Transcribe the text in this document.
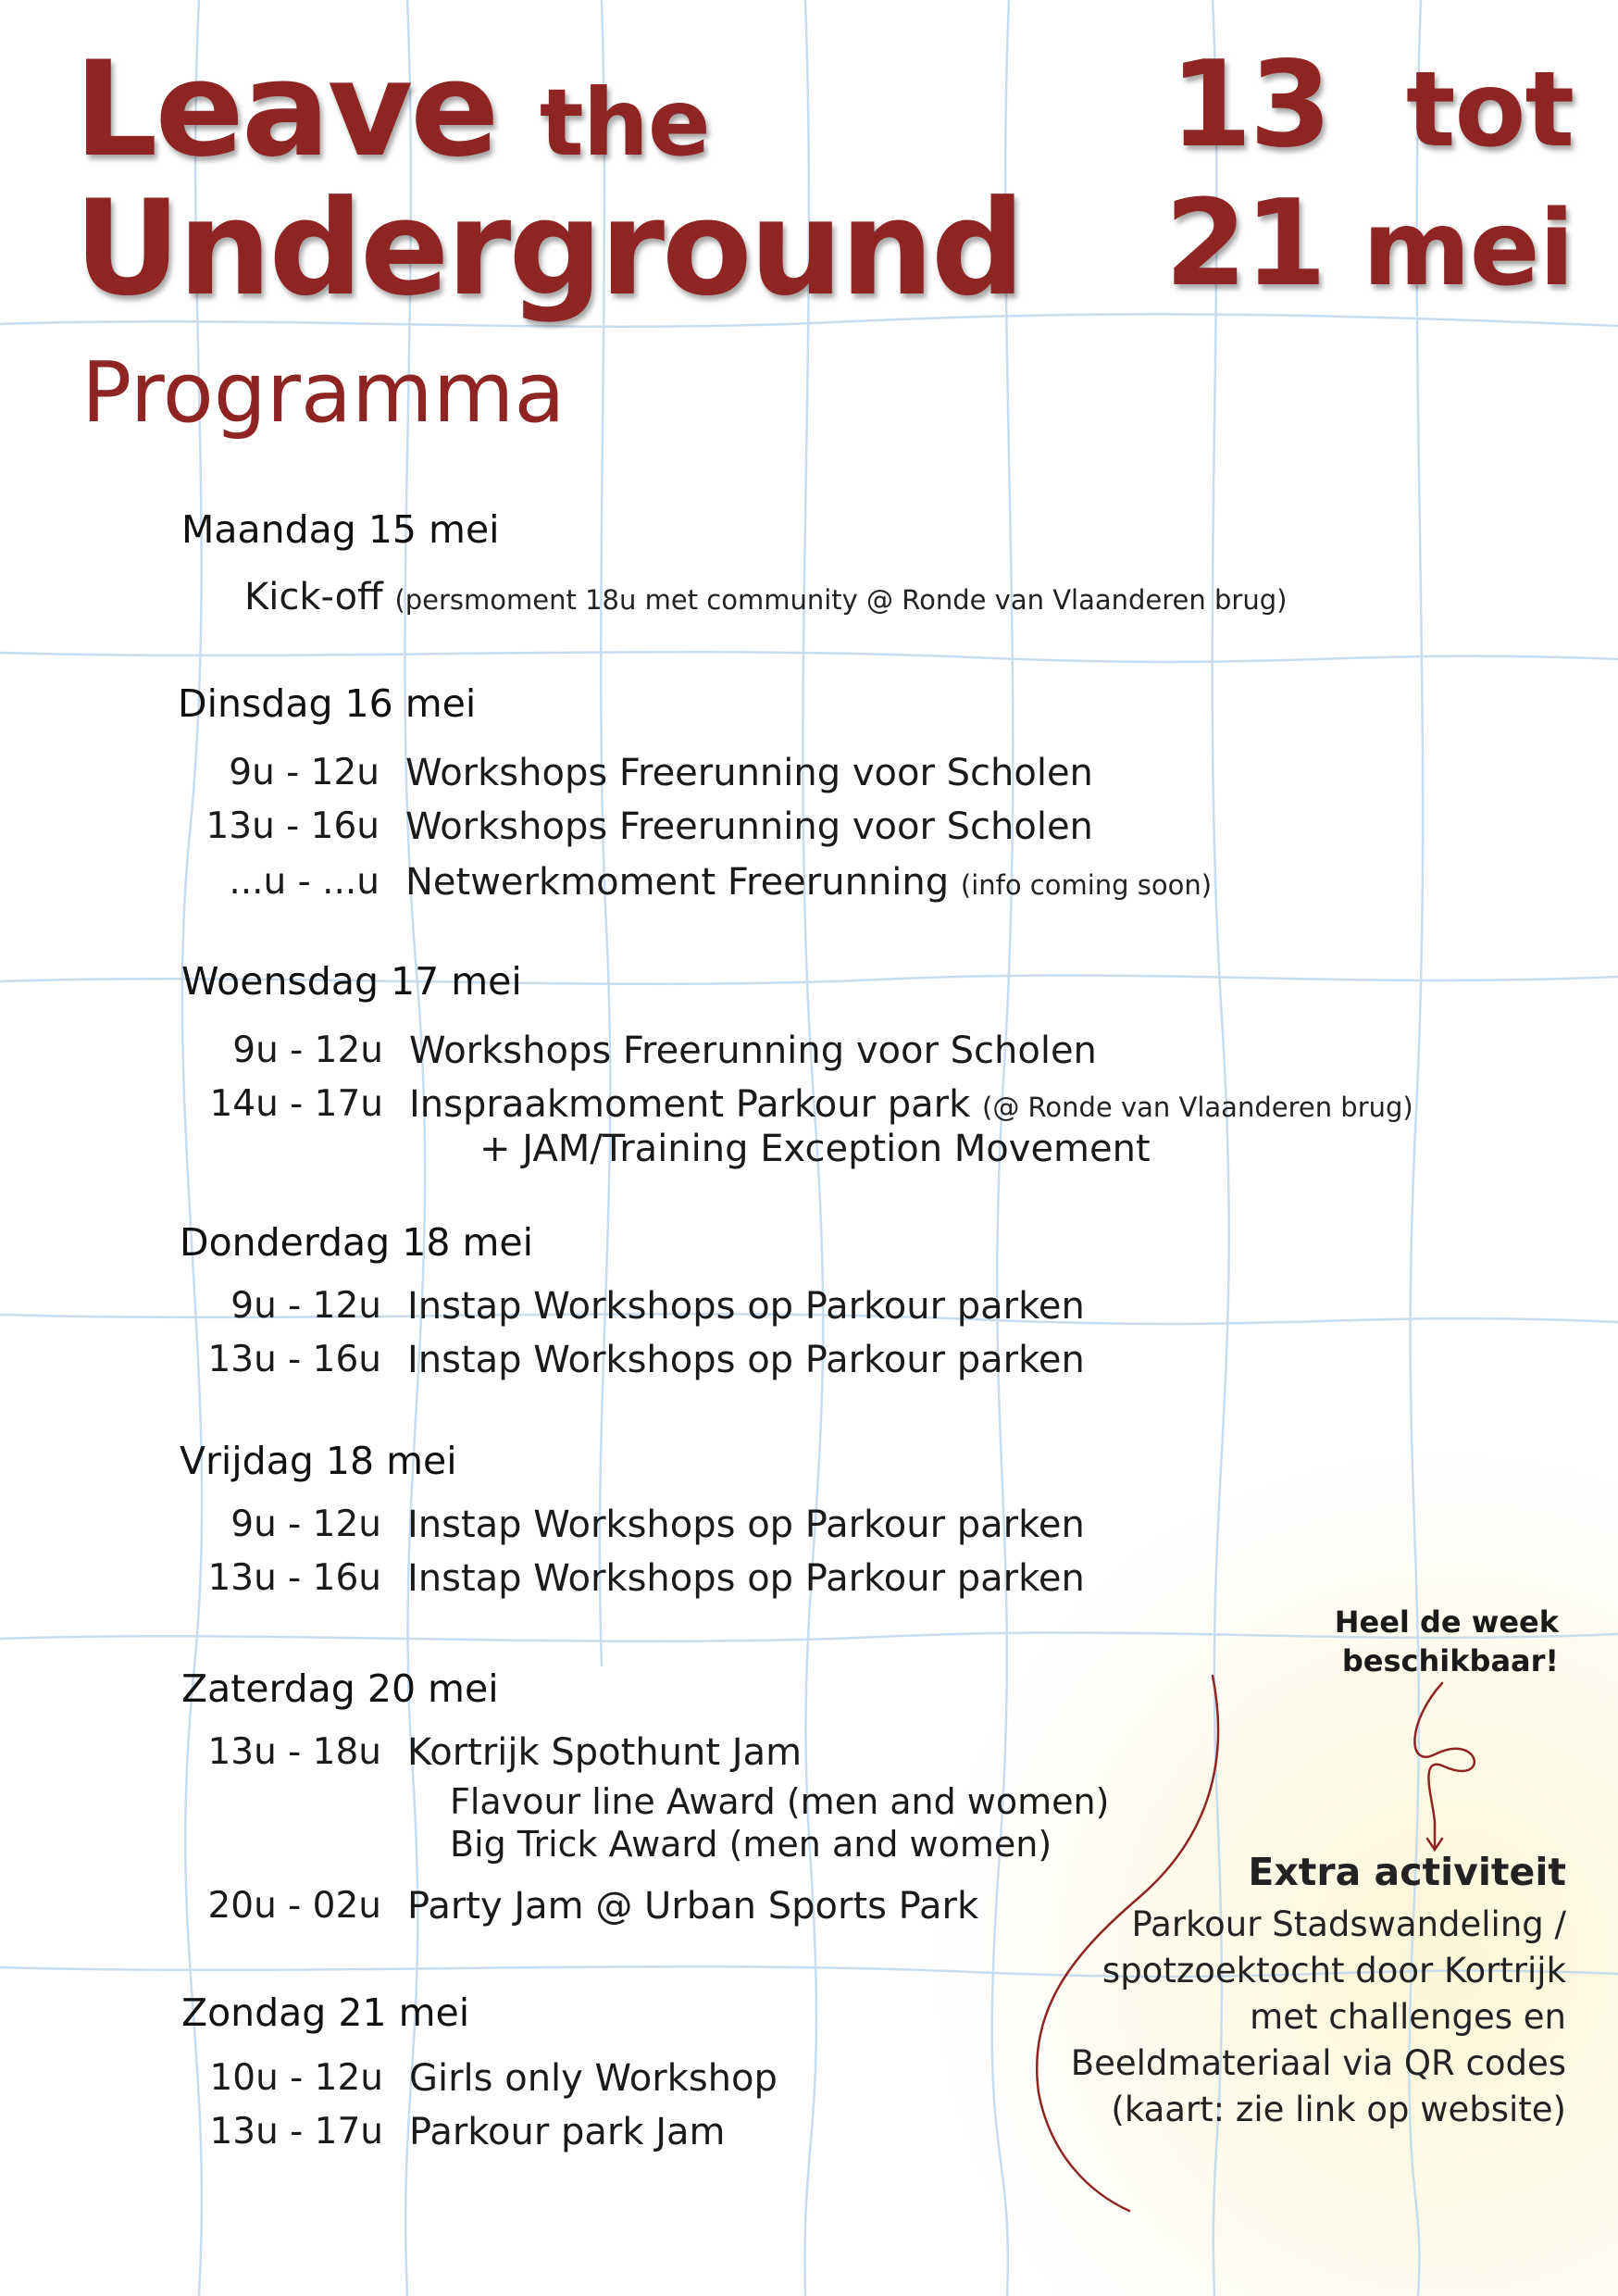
Leave the
Underground
13 tot
21 mei
Programma
Maandag 15 mei
Kick-off (persmoment 18u met community @ Ronde van Vlaanderen brug)
Dinsdag 16 mei
9u - 12u Workshops Freerunning voor Scholen
13u - 16u Workshops Freerunning voor Scholen
...u - ...u Netwerkmoment Freerunning (info coming soon)
Woensdag 17 mei
9u - 12u Workshops Freerunning voor Scholen
14u - 17u Inspraakmoment Parkour park (@ Ronde van Vlaanderen brug)
+ JAM/Training Exception Movement
Donderdag 18 mei
9u - 12u Instap Workshops op Parkour parken
13u - 16u Instap Workshops op Parkour parken
Vrijdag 18 mei
9u - 12u Instap Workshops op Parkour parken
13u - 16u Instap Workshops op Parkour parken
Zaterdag 20 mei
13u - 18u Kortrijk Spothunt Jam
Flavour line Award (men and women)
Big Trick Award (men and women)
20u - 02u Party Jam @ Urban Sports Park
Zondag 21 mei
10u - 12u Girls only Workshop
13u - 17u Parkour park Jam
Heel de week
beschikbaar!
Extra activiteit
Parkour Stadswandeling /
spotzoektocht door Kortrijk
met challenges en
Beeldmateriaal via QR codes
(kaart: zie link op website)
